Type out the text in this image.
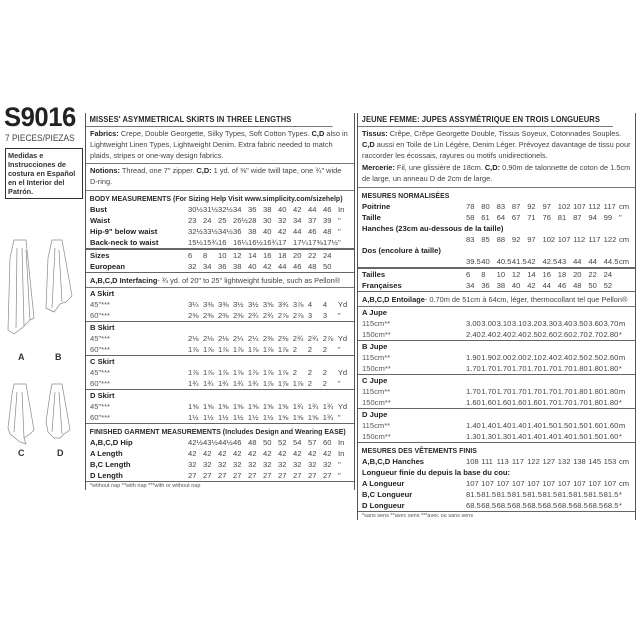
S9016
7 PIECES/PIEZAS
Medidas e Instrucciones de costura en Español en el Interior del Patrón.
A	B
C	D
MISSES' ASYMMETRICAL SKIRTS IN THREE LENGTHS
Fabrics: Crepe, Double Georgette, Silky Types, Soft Cotton Types. C,D also in Lightweight Linen Types, Lightweight Denim. Extra fabric needed to match plaids, stripes or one-way design fabrics.
Notions: Thread, one 7" zipper. C,D: 1 yd. of ⅜" wide twill tape, one ¾" wide D-ring.
BODY MEASUREMENTS (For Sizing Help Visit www.simplicity.com/sizehelp)
Bust	30½	31½	32½	34	36	38	40	42	44	46	In
Waist	23	24	25	26½	28	30	32	34	37	39	"
Hip-9" below waist	32½	33½	34½	36	38	40	42	44	46	48	"
Back-neck to waist	15½	15¾	16	16¼	16½	16¾	17	17¼	17⅜	17½	"
Sizes	6	8	10	12	14	16	18	20	22	24	
European	32	34	36	38	40	42	44	46	48	50	
A,B,C,D Interfacing- ¾ yd. of 20" to 25" lightweight fusible, such as Pellon®
A Skirt											
45"***	3¼	3⅜	3⅜	3½	3½	3⅝	3¾	3⅞	4	4	Yd
60"***	2⅜	2⅜	2⅜	2⅜	2¾	2¾	2⅞	2⅞	3	3	"
B Skirt											
45"***	2⅛	2⅛	2⅛	2¼	2¼	2⅜	2⅜	2¾	2¾	2⅞	Yd
60"***	1⅞	1⅞	1⅞	1⅞	1⅞	1⅞	1⅞	2	2	2	"
C Skirt											
45"***	1⅞	1⅞	1⅞	1⅞	1⅞	1⅞	1⅞	2	2	2	Yd
60"***	1¾	1¾	1¾	1¾	1¾	1⅞	1⅞	1⅞	2	2	"
D Skirt											
45"***	1⅝	1⅝	1⅝	1⅝	1⅝	1⅝	1⅝	1¾	1¾	1¾	Yd
60"***	1½	1½	1½	1½	1½	1½	1⅝	1⅝	1⅝	1¾	"
FINISHED GARMENT MEASUREMENTS (Includes Design and Wearing EASE)
A,B,C,D Hip	42½	43½	44½	46	48	50	52	54	57	60	In
A Length	42	42	42	42	42	42	42	42	42	42	In
B,C Length	32	32	32	32	32	32	32	32	32	32	"
D Length	27	27	27	27	27	27	27	27	27	27	"
*without nap **with nap ***with or without nap
JEUNE FEMME: JUPES ASSYMÉTRIQUE EN TROIS LONGUEURS
Tissus: Crêpe, Crêpe Georgette Double, Tissus Soyeux, Cotonnades Souples. C,D aussi en Toile de Lin Légère, Denim Léger. Prévoyez davantage de tissu pour raccorder les écossais, rayures ou motifs unidirectionels.
Mercerie: Fil, une glissière de 18cm. C,D: 0.90m de talonnette de coton de 1.5cm de large, un anneau D de 2cm de large.
MESURES NORMALISÉES
Poitrine	78	80	83	87	92	97	102	107	112	117	cm
Taille	58	61	64	67	71	76	81	87	94	99	"
Hanches (23cm au-dessous de la taille)											
	83	85	88	92	97	102	107	112	117	122	cm
Dos (encolure à taille)											
	39.5	40	40.5	41.5	42	42.5	43	44	44	44.5	cm
Tailles	6	8	10	12	14	16	18	20	22	24	
Françaises	34	36	38	40	42	44	46	48	50	52	
A,B,C,D Entoilage- 0.70m de 51cm à 64cm, léger, thermocollant tel que Pellon®
A Jupe											
115cm**	3.00	3.00	3.10	3.10	3.20	3.30	3.40	3.50	3.60	3.70	m
150cm**	2.40	2.40	2.40	2.40	2.50	2.60	2.60	2.70	2.70	2.80	*
B Jupe											
115cm**	1.90	1.90	2.00	2.00	2.10	2.40	2.40	2.50	2.50	2.60	m
150cm**	1.70	1.70	1.70	1.70	1.70	1.70	1.70	1.80	1.80	1.80	*
C Jupe											
115cm**	1.70	1.70	1.70	1.70	1.70	1.70	1.70	1.80	1.80	1.80	m
150cm**	1.60	1.60	1.60	1.60	1.60	1.70	1.70	1.70	1.80	1.80	*
D Jupe											
115cm**	1.40	1.40	1.40	1.40	1.40	1.50	1.50	1.50	1.60	1.60	m
150cm**	1.30	1.30	1.30	1.40	1.40	1.40	1.40	1.50	1.50	1.60	*
MESURES DES VÊTEMENTS FINIS
A,B,C,D Hanches	108	111	113	117	122	127	132	138	145	153	cm
Longueur finie du depuis la base du cou:											
A Longueur	107	107	107	107	107	107	107	107	107	107	cm
B,C Longueur	81.5	81.5	81.5	81.5	81.5	81.5	81.5	81.5	81.5	81.5	*
D Longueur	68.5	68.5	68.5	68.5	68.5	68.5	68.5	68.5	68.5	68.5	*
*sans sens **avec sens ***avec ou sans sens
